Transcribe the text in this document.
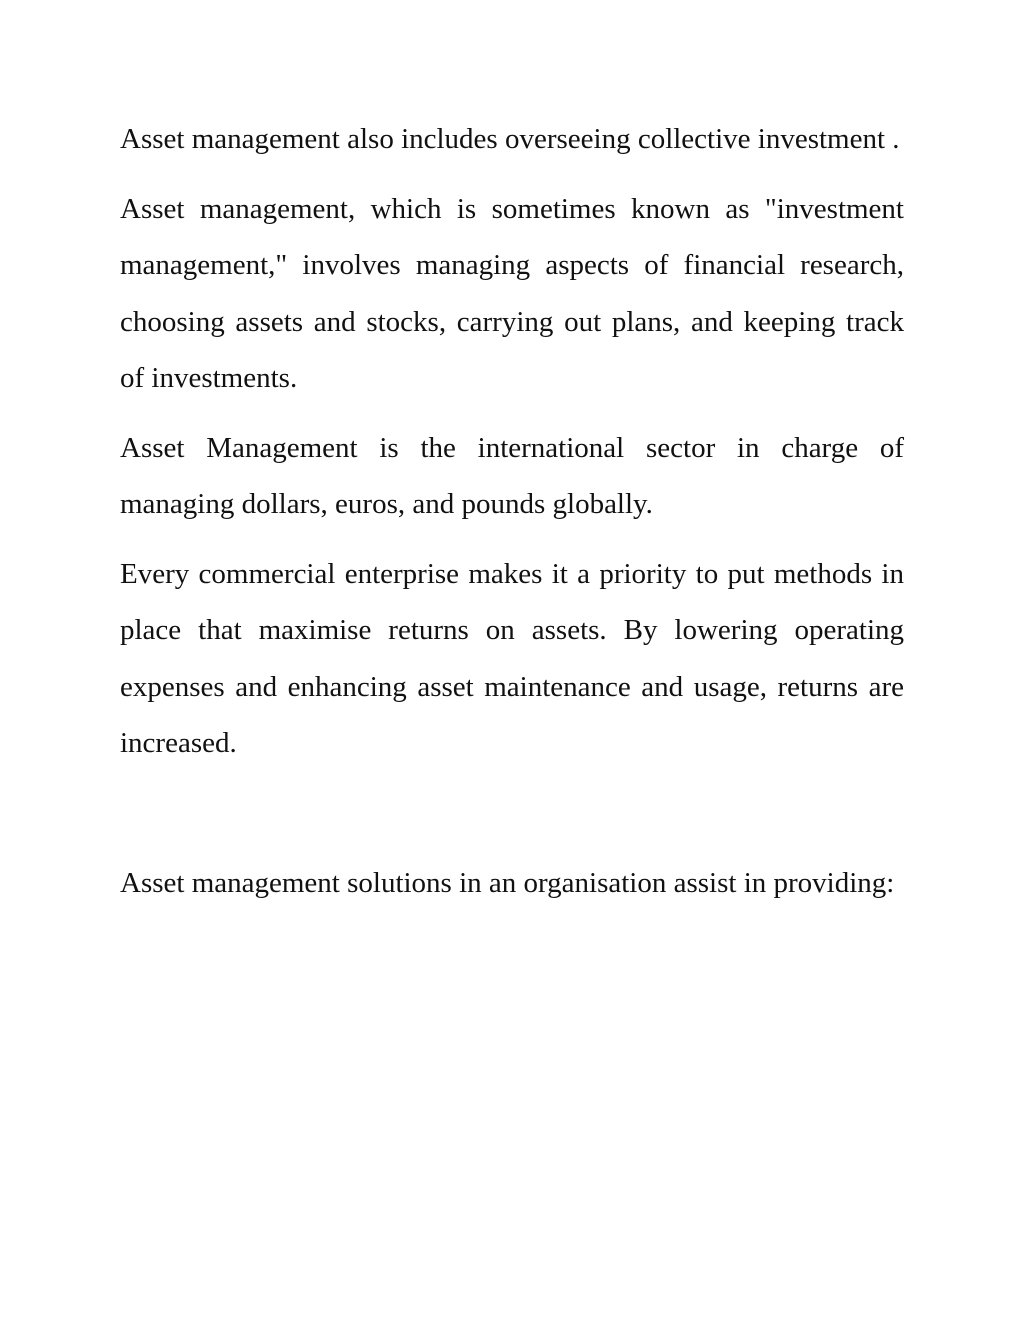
Asset management also includes overseeing collective investment .

Asset management, which is sometimes known as "investment management," involves managing aspects of financial research, choosing assets and stocks, carrying out plans, and keeping track of investments.

Asset Management is the international sector in charge of managing dollars, euros, and pounds globally.

Every commercial enterprise makes it a priority to put methods in place that maximise returns on assets. By lowering operating expenses and enhancing asset maintenance and usage, returns are increased.

Asset management solutions in an organisation assist in providing:
